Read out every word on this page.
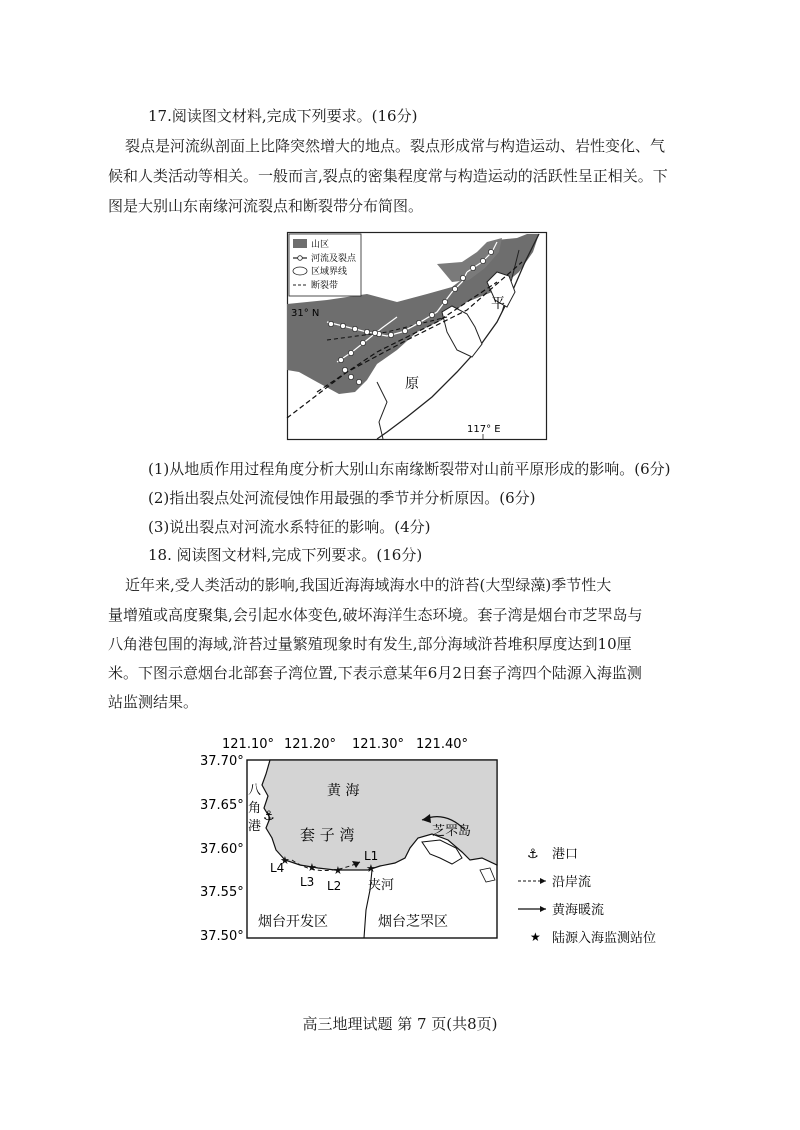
17.阅读图文材料,完成下列要求。(16分)
裂点是河流纵剖面上比降突然增大的地点。裂点形成常与构造运动、岩性变化、气
候和人类活动等相关。一般而言,裂点的密集程度常与构造运动的活跃性呈正相关。下
图是大别山东南缘河流裂点和断裂带分布简图。
山区
河流及裂点
区域界线
断裂带
31° N
平
原
117° E
(1)从地质作用过程角度分析大别山东南缘断裂带对山前平原形成的影响。(6分)
(2)指出裂点处河流侵蚀作用最强的季节并分析原因。(6分)
(3)说出裂点对河流水系特征的影响。(4分)
18. 阅读图文材料,完成下列要求。(16分)
近年来,受人类活动的影响,我国近海海域海水中的浒苔(大型绿藻)季节性大
量增殖或高度聚集,会引起水体变色,破坏海洋生态环境。套子湾是烟台市芝罘岛与
八角港包围的海域,浒苔过量繁殖现象时有发生,部分海域浒苔堆积厚度达到10厘
米。下图示意烟台北部套子湾位置,下表示意某年6月2日套子湾四个陆源入海监测
站监测结果。
121.10° 121.20° 121.30° 121.40°
37.70°
37.65°
37.60°
37.55°
37.50°
⚓
★
★ ★ ★
黄 海
套 子 湾	芝罘岛
八
角
港
L1
L2
L3
L4
夹河
烟台开发区	烟台芝罘区
⚓ 港口
沿岸流
黄海暖流
★ 陆源入海监测站位
高三地理试题 第 7 页(共8页)
